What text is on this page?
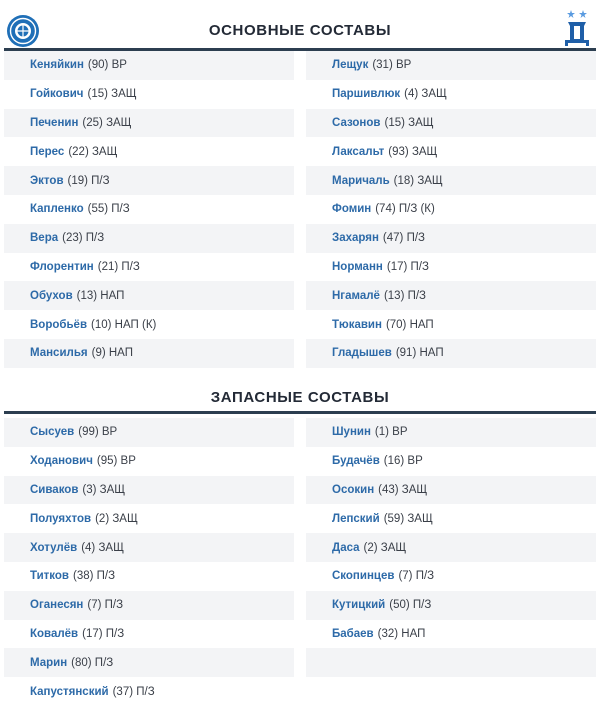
ОСНОВНЫЕ СОСТАВЫ
Кеняйкин (90) ВР
Гойкович (15) ЗАЩ
Печенин (25) ЗАЩ
Перес (22) ЗАЩ
Эктов (19) П/З
Капленко (55) П/З
Вера (23) П/З
Флорентин (21) П/З
Обухов (13) НАП
Воробьёв (10) НАП (К)
Мансилья (9) НАП
Лещук (31) ВР
Паршивлюк (4) ЗАЩ
Сазонов (15) ЗАЩ
Лаксальт (93) ЗАЩ
Маричаль (18) ЗАЩ
Фомин (74) П/З (К)
Захарян (47) П/З
Норманн (17) П/З
Нгамалё (13) П/З
Тюкавин (70) НАП
Гладышев (91) НАП
ЗАПАСНЫЕ СОСТАВЫ
Сысуев (99) ВР
Ходанович (95) ВР
Сиваков (3) ЗАЩ
Полуяхтов (2) ЗАЩ
Хотулёв (4) ЗАЩ
Титков (38) П/З
Оганесян (7) П/З
Ковалёв (17) П/З
Марин (80) П/З
Капустянский (37) П/З
Шунин (1) ВР
Будачёв (16) ВР
Осокин (43) ЗАЩ
Лепский (59) ЗАЩ
Даса (2) ЗАЩ
Скопинцев (7) П/З
Кутицкий (50) П/З
Бабаев (32) НАП
